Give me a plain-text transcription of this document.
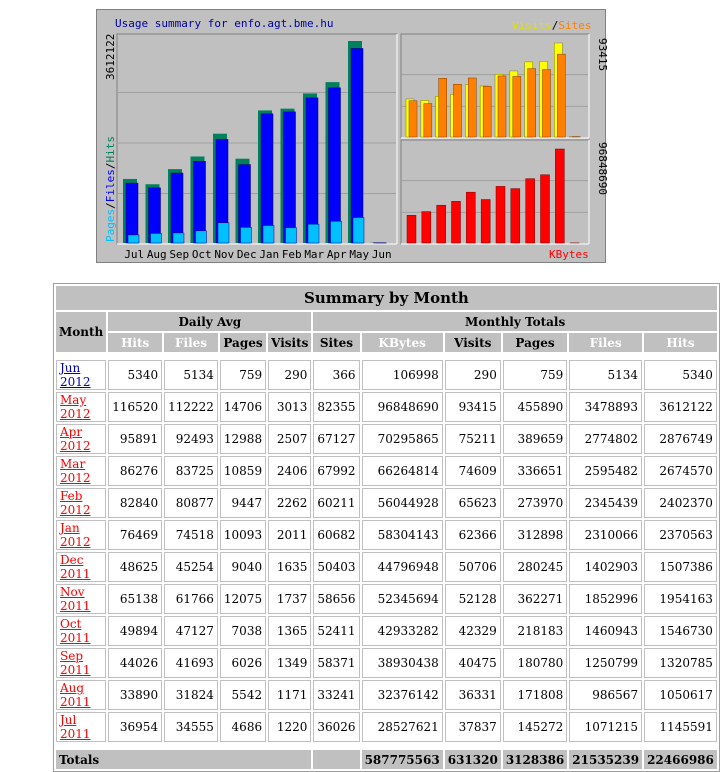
Usage summary for enfo.agt.bme.hu	Visits/Sites
3612122
Pages/Files/Hits
93415
96848690
KBytes
Jul Aug Sep Oct Nov Dec Jan Feb Mar Apr May Jun
Summary by Month										
Month	Daily Avg				Monthly Totals					
	Hits	Files	Pages	Visits	Sites	KBytes	Visits	Pages	Files	Hits

Jun 2012	5340	5134	759	290	366	106998	290	759	5134	5340
May 2012	116520	112222	14706	3013	82355	96848690	93415	455890	3478893	3612122
Apr 2012	95891	92493	12988	2507	67127	70295865	75211	389659	2774802	2876749
Mar 2012	86276	83725	10859	2406	67992	66264814	74609	336651	2595482	2674570
Feb 2012	82840	80877	9447	2262	60211	56044928	65623	273970	2345439	2402370
Jan 2012	76469	74518	10093	2011	60682	58304143	62366	312898	2310066	2370563
Dec 2011	48625	45254	9040	1635	50403	44796948	50706	280245	1402903	1507386
Nov 2011	65138	61766	12075	1737	58656	52345694	52128	362271	1852996	1954163
Oct 2011	49894	47127	7038	1365	52411	42933282	42329	218183	1460943	1546730
Sep 2011	44026	41693	6026	1349	58371	38930438	40475	180780	1250799	1320785
Aug 2011	33890	31824	5542	1171	33241	32376142	36331	171808	986567	1050617
Jul 2011	36954	34555	4686	1220	36026	28527621	37837	145272	1071215	1145591

Totals						587775563	631320	3128386	21535239	22466986
